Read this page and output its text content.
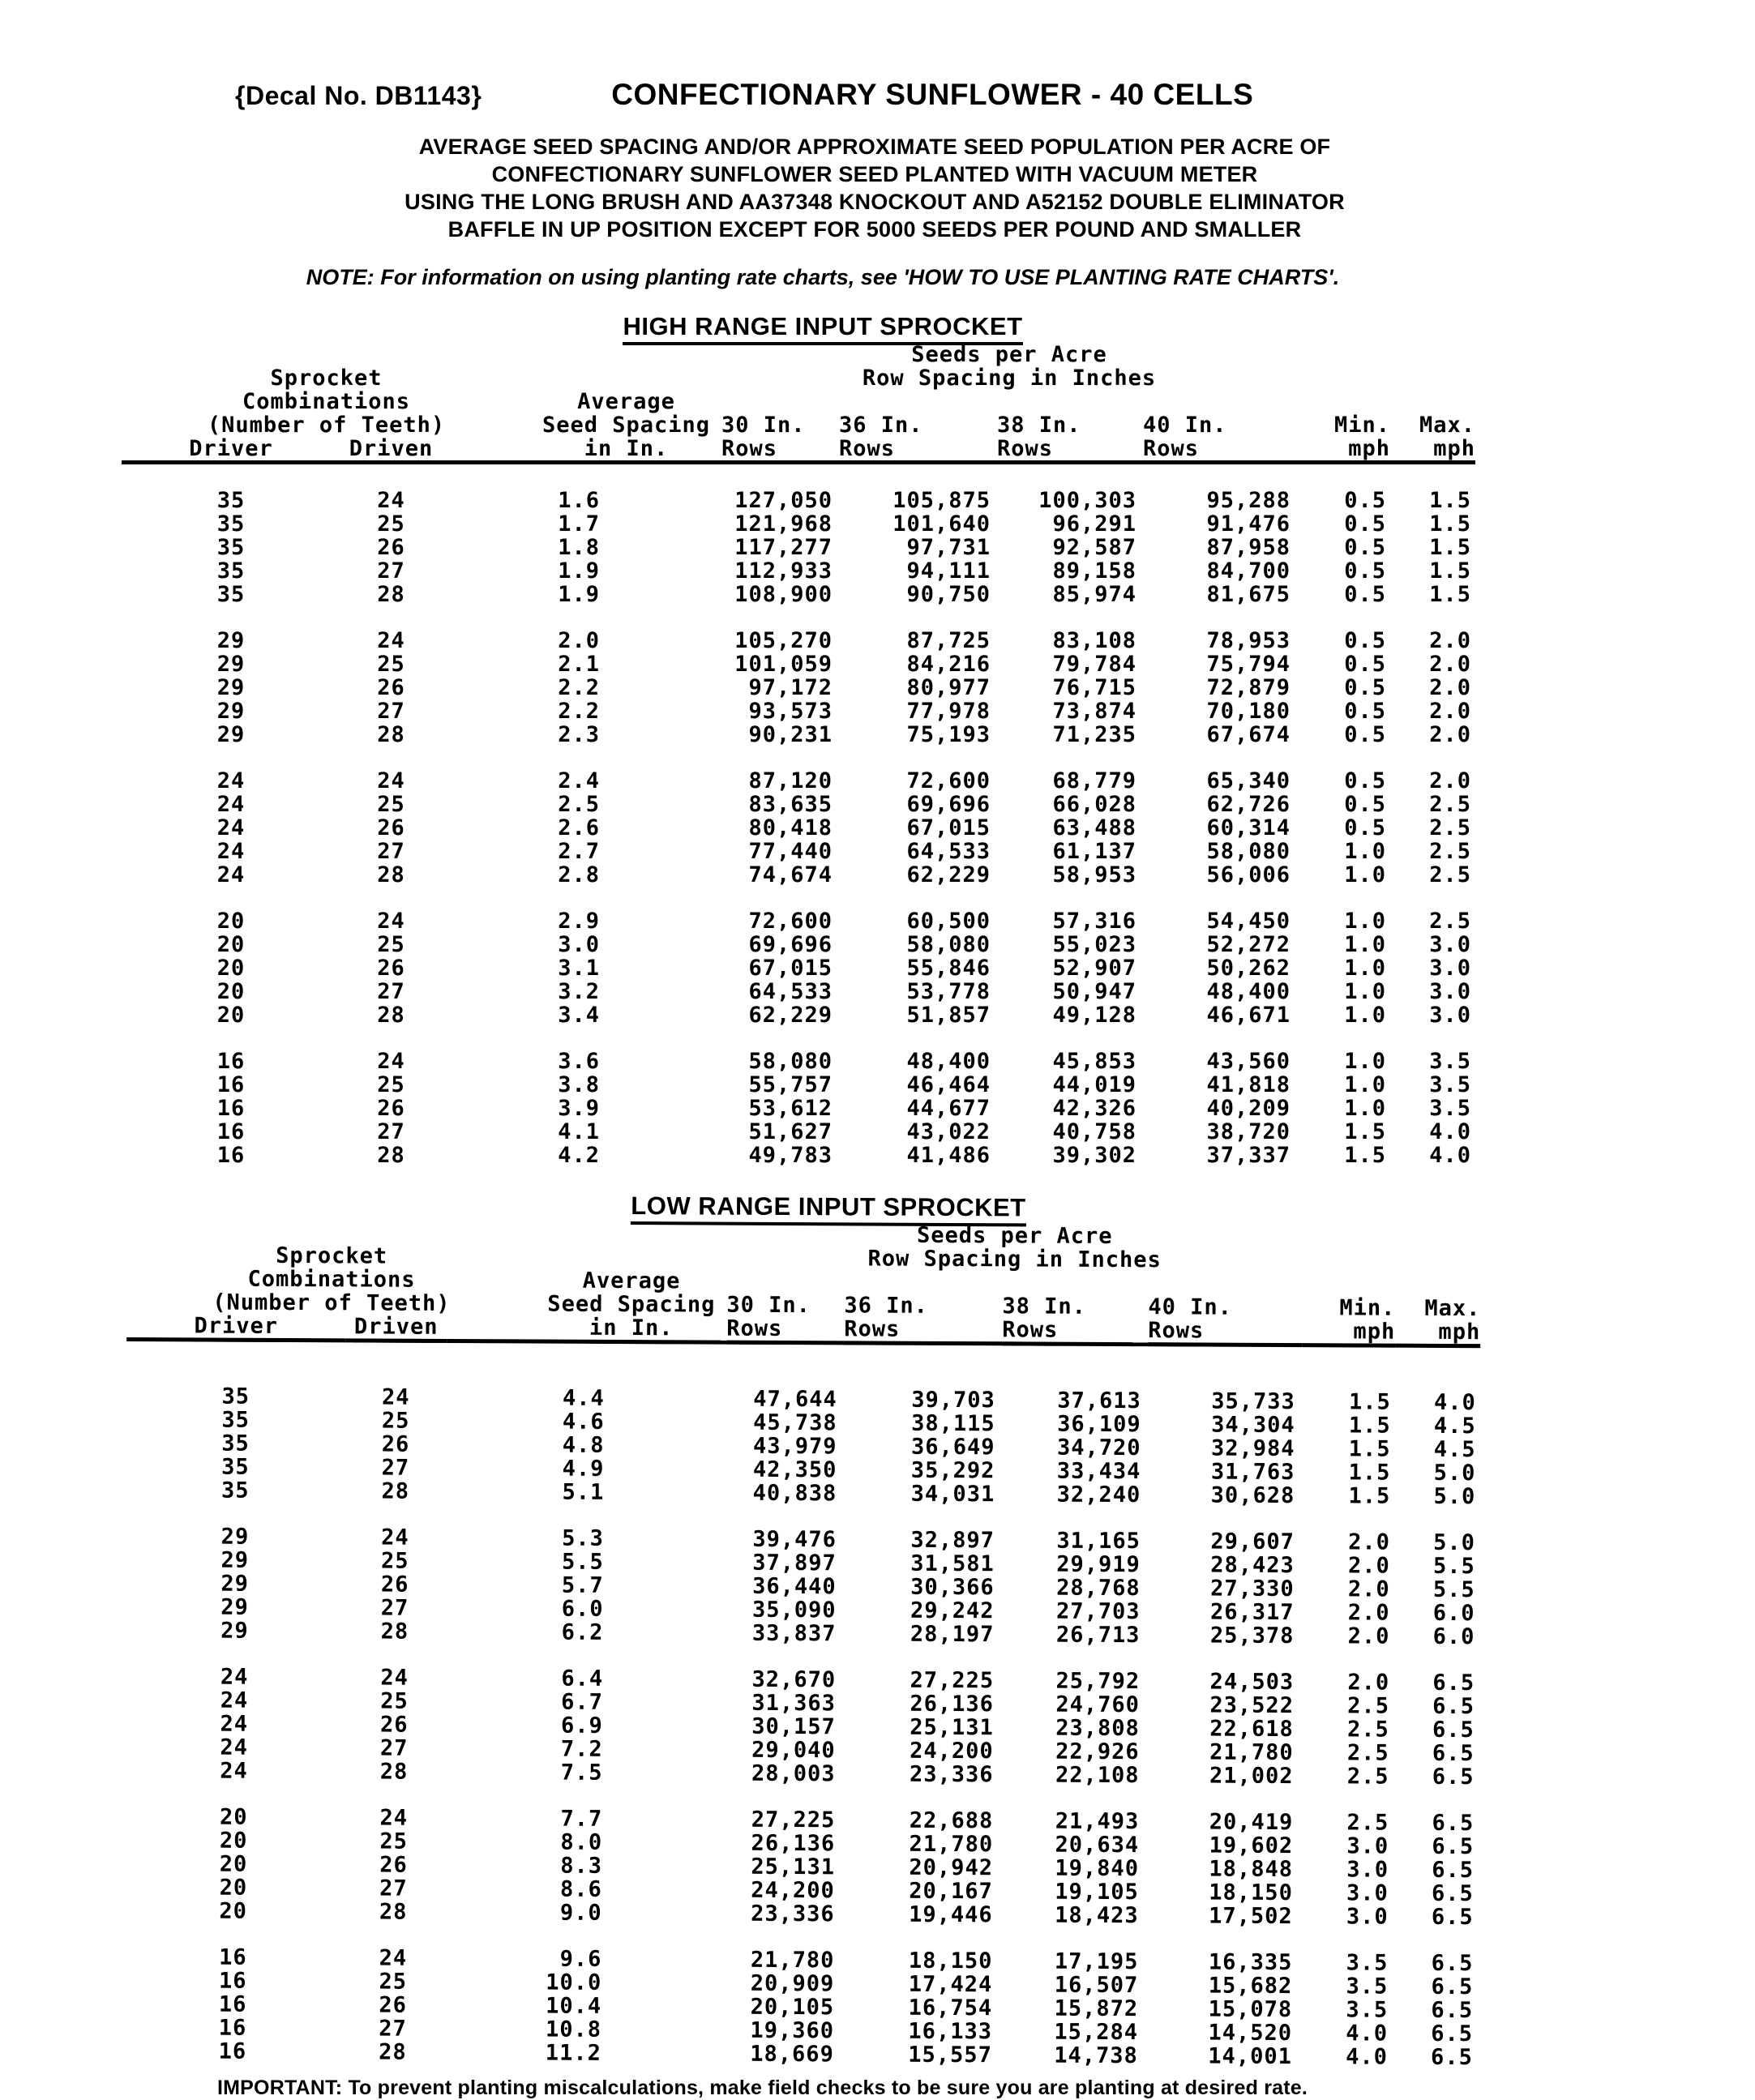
{Decal No. DB1143}	CONFECTIONARY SUNFLOWER - 40 CELLS
AVERAGE SEED SPACING AND/OR APPROXIMATE SEED POPULATION PER ACRE OF
CONFECTIONARY SUNFLOWER SEED PLANTED WITH VACUUM METER
USING THE LONG BRUSH AND AA37348 KNOCKOUT AND A52152 DOUBLE ELIMINATOR
BAFFLE IN UP POSITION EXCEPT FOR 5000 SEEDS PER POUND AND SMALLER
NOTE: For information on using planting rate charts, see 'HOW TO USE PLANTING RATE CHARTS'.
HIGH RANGE INPUT SPROCKET
			Seeds per Acre					
Sprocket			Row Spacing in Inches					
Combinations		Average						
(Number of Teeth)		Seed Spacing	30 In.	36 In.	38 In.	40 In.	Min.	Max.
Driver	Driven	in In.	Rows	Rows	Rows	Rows	mph	mph

35	24	1.6	127,050	105,875	100,303	95,288	0.5	1.5
35	25	1.7	121,968	101,640	96,291	91,476	0.5	1.5
35	26	1.8	117,277	97,731	92,587	87,958	0.5	1.5
35	27	1.9	112,933	94,111	89,158	84,700	0.5	1.5
35	28	1.9	108,900	90,750	85,974	81,675	0.5	1.5

29	24	2.0	105,270	87,725	83,108	78,953	0.5	2.0
29	25	2.1	101,059	84,216	79,784	75,794	0.5	2.0
29	26	2.2	97,172	80,977	76,715	72,879	0.5	2.0
29	27	2.2	93,573	77,978	73,874	70,180	0.5	2.0
29	28	2.3	90,231	75,193	71,235	67,674	0.5	2.0

24	24	2.4	87,120	72,600	68,779	65,340	0.5	2.0
24	25	2.5	83,635	69,696	66,028	62,726	0.5	2.5
24	26	2.6	80,418	67,015	63,488	60,314	0.5	2.5
24	27	2.7	77,440	64,533	61,137	58,080	1.0	2.5
24	28	2.8	74,674	62,229	58,953	56,006	1.0	2.5

20	24	2.9	72,600	60,500	57,316	54,450	1.0	2.5
20	25	3.0	69,696	58,080	55,023	52,272	1.0	3.0
20	26	3.1	67,015	55,846	52,907	50,262	1.0	3.0
20	27	3.2	64,533	53,778	50,947	48,400	1.0	3.0
20	28	3.4	62,229	51,857	49,128	46,671	1.0	3.0

16	24	3.6	58,080	48,400	45,853	43,560	1.0	3.5
16	25	3.8	55,757	46,464	44,019	41,818	1.0	3.5
16	26	3.9	53,612	44,677	42,326	40,209	1.0	3.5
16	27	4.1	51,627	43,022	40,758	38,720	1.5	4.0
16	28	4.2	49,783	41,486	39,302	37,337	1.5	4.0
LOW RANGE INPUT SPROCKET
			Seeds per Acre					
Sprocket			Row Spacing in Inches					
Combinations		Average						
(Number of Teeth)		Seed Spacing	30 In.	36 In.	38 In.	40 In.	Min.	Max.
Driver	Driven	in In.	Rows	Rows	Rows	Rows	mph	mph

35	24	4.4	47,644	39,703	37,613	35,733	1.5	4.0
35	25	4.6	45,738	38,115	36,109	34,304	1.5	4.5
35	26	4.8	43,979	36,649	34,720	32,984	1.5	4.5
35	27	4.9	42,350	35,292	33,434	31,763	1.5	5.0
35	28	5.1	40,838	34,031	32,240	30,628	1.5	5.0

29	24	5.3	39,476	32,897	31,165	29,607	2.0	5.0
29	25	5.5	37,897	31,581	29,919	28,423	2.0	5.5
29	26	5.7	36,440	30,366	28,768	27,330	2.0	5.5
29	27	6.0	35,090	29,242	27,703	26,317	2.0	6.0
29	28	6.2	33,837	28,197	26,713	25,378	2.0	6.0

24	24	6.4	32,670	27,225	25,792	24,503	2.0	6.5
24	25	6.7	31,363	26,136	24,760	23,522	2.5	6.5
24	26	6.9	30,157	25,131	23,808	22,618	2.5	6.5
24	27	7.2	29,040	24,200	22,926	21,780	2.5	6.5
24	28	7.5	28,003	23,336	22,108	21,002	2.5	6.5

20	24	7.7	27,225	22,688	21,493	20,419	2.5	6.5
20	25	8.0	26,136	21,780	20,634	19,602	3.0	6.5
20	26	8.3	25,131	20,942	19,840	18,848	3.0	6.5
20	27	8.6	24,200	20,167	19,105	18,150	3.0	6.5
20	28	9.0	23,336	19,446	18,423	17,502	3.0	6.5

16	24	9.6	21,780	18,150	17,195	16,335	3.5	6.5
16	25	10.0	20,909	17,424	16,507	15,682	3.5	6.5
16	26	10.4	20,105	16,754	15,872	15,078	3.5	6.5
16	27	10.8	19,360	16,133	15,284	14,520	4.0	6.5
16	28	11.2	18,669	15,557	14,738	14,001	4.0	6.5
IMPORTANT: To prevent planting miscalculations, make field checks to be sure you are planting at desired rate.
